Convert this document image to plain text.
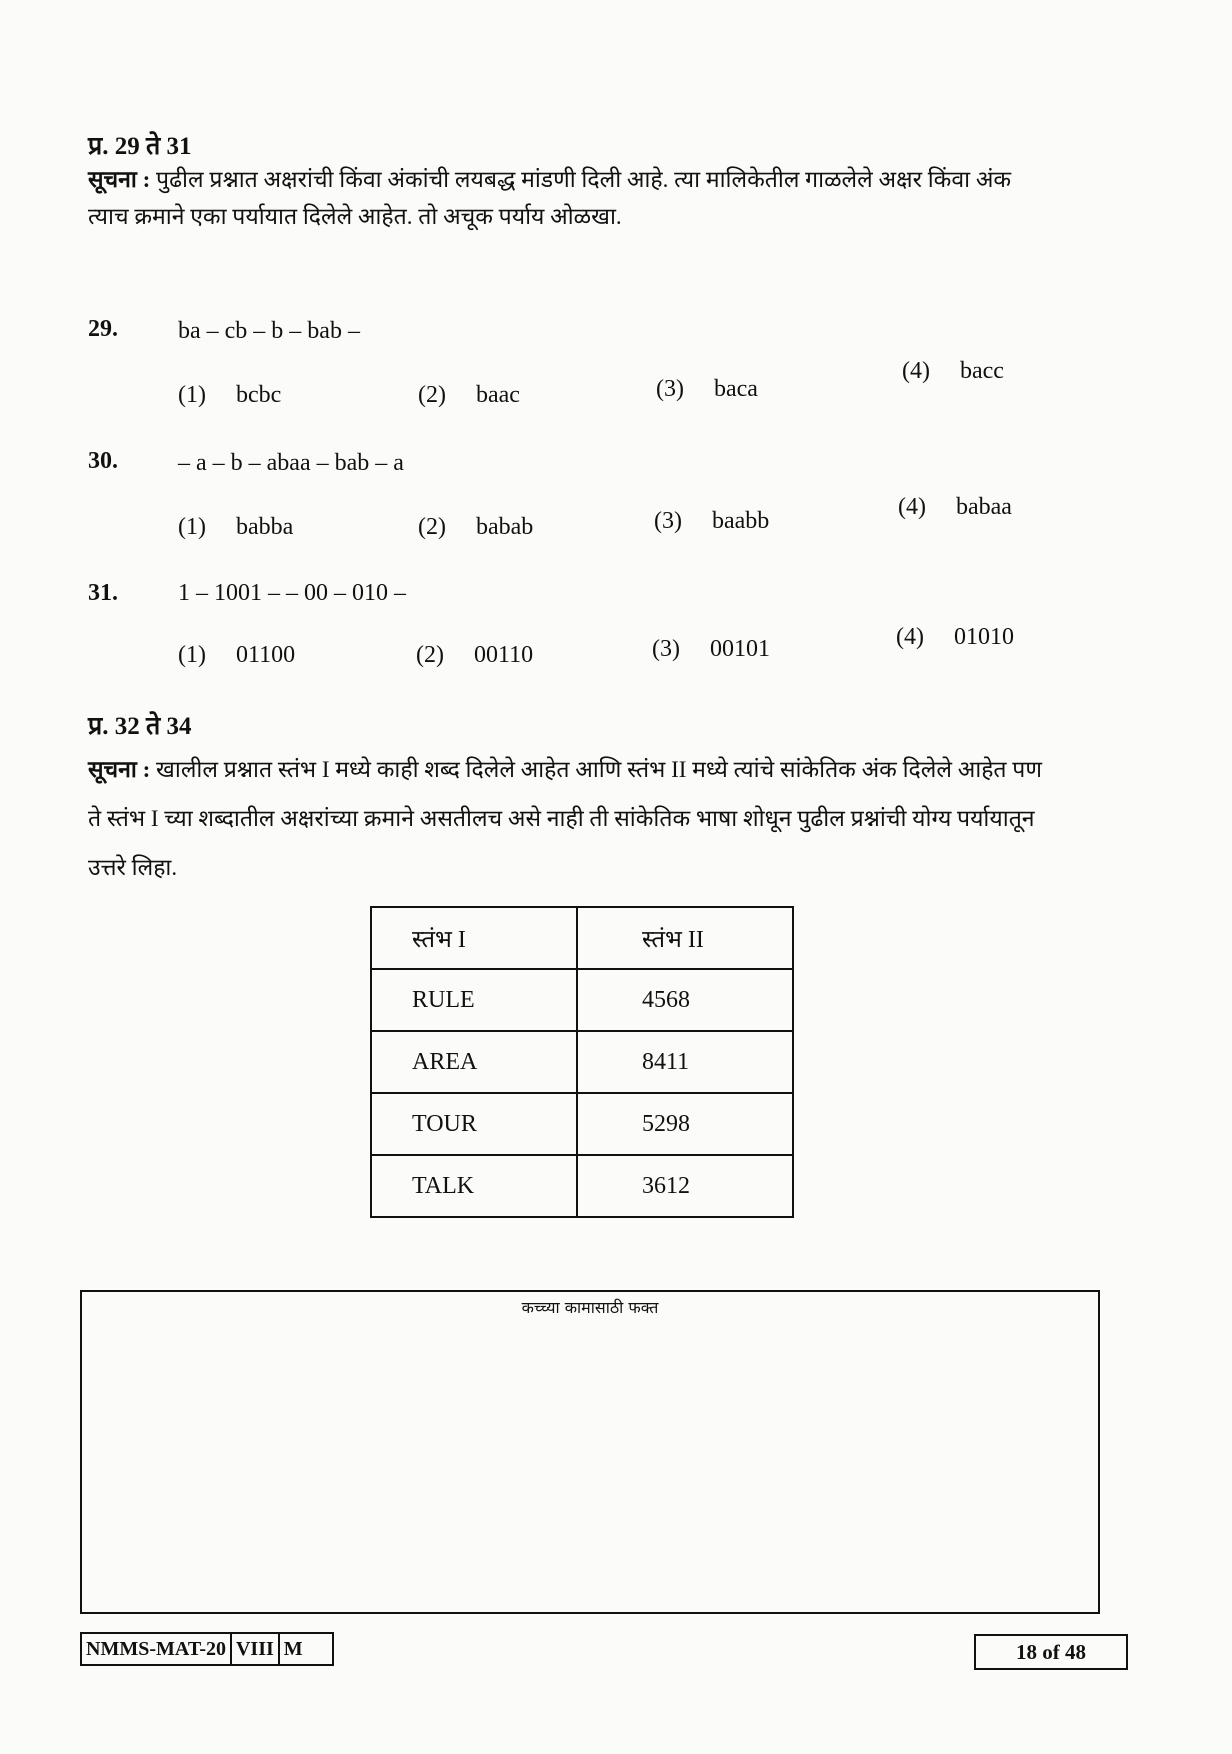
प्र. 29 ते 31
सूचना : पुढील प्रश्नात अक्षरांची किंवा अंकांची लयबद्ध मांडणी दिली आहे. त्या मालिकेतील गाळलेले अक्षर किंवा अंक
त्याच क्रमाने एका पर्यायात दिलेले आहेत. तो अचूक पर्याय ओळखा.
29.	ba – cb – b – bab –
(1) bcbc	(2) baac	(3) baca
(4) bacc
30.	– a – b – abaa – bab – a
(1) babba	(2) babab	(3) baabb
(4) babaa
31.	1 – 1001 – – 00 – 010 –
(1) 01100	(2) 00110	(3) 00101	(4) 01010
प्र. 32 ते 34
सूचना : खालील प्रश्नात स्तंभ I मध्ये काही शब्द दिलेले आहेत आणि स्तंभ II मध्ये त्यांचे सांकेतिक अंक दिलेले आहेत पण
ते स्तंभ I च्या शब्दातील अक्षरांच्या क्रमाने असतीलच असे नाही ती सांकेतिक भाषा शोधून पुढील प्रश्नांची योग्य पर्यायातून
उत्तरे लिहा.
स्तंभ I	स्तंभ II
RULE	4568
AREA	8411
TOUR	5298
TALK	3612
कच्च्या कामासाठी फक्त
NMMS-MAT-20 VIII M	18 of 48
